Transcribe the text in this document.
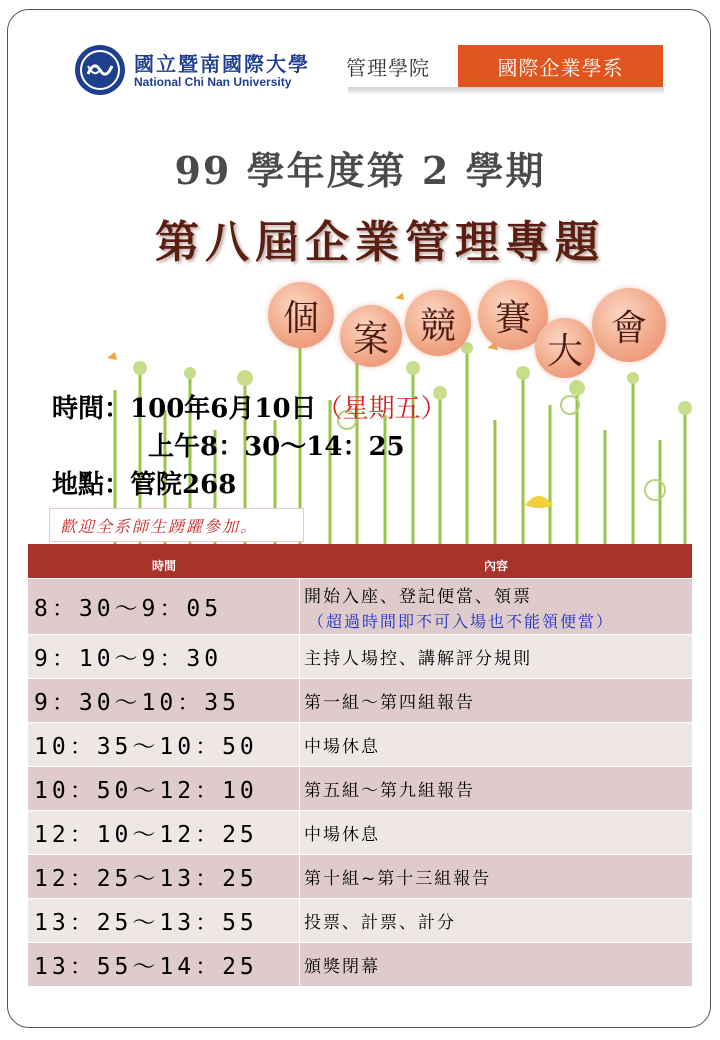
國立暨南國際大學
National Chi Nan University
管理學院	國際企業學系
99 學年度第 2 學期
第八屆企業管理專題
個
案 競	賽
大
會
時間：100年6月10日（星期五）
上午8：30～14：25
地點：管院268
歡迎全系師生踴躍參加。
時間	內容
8：30～9：05	開始入座、登記便當、領票
（超過時間即不可入場也不能領便當）
9：10～9：30	主持人場控、講解評分規則
9：30～10：35	第一組～第四組報告
10：35～10：50	中場休息
10：50～12：10	第五組～第九組報告
12：10～12：25	中場休息
12：25～13：25	第十組~第十三組報告
13：25～13：55	投票、計票、計分
13：55～14：25	頒獎閉幕
